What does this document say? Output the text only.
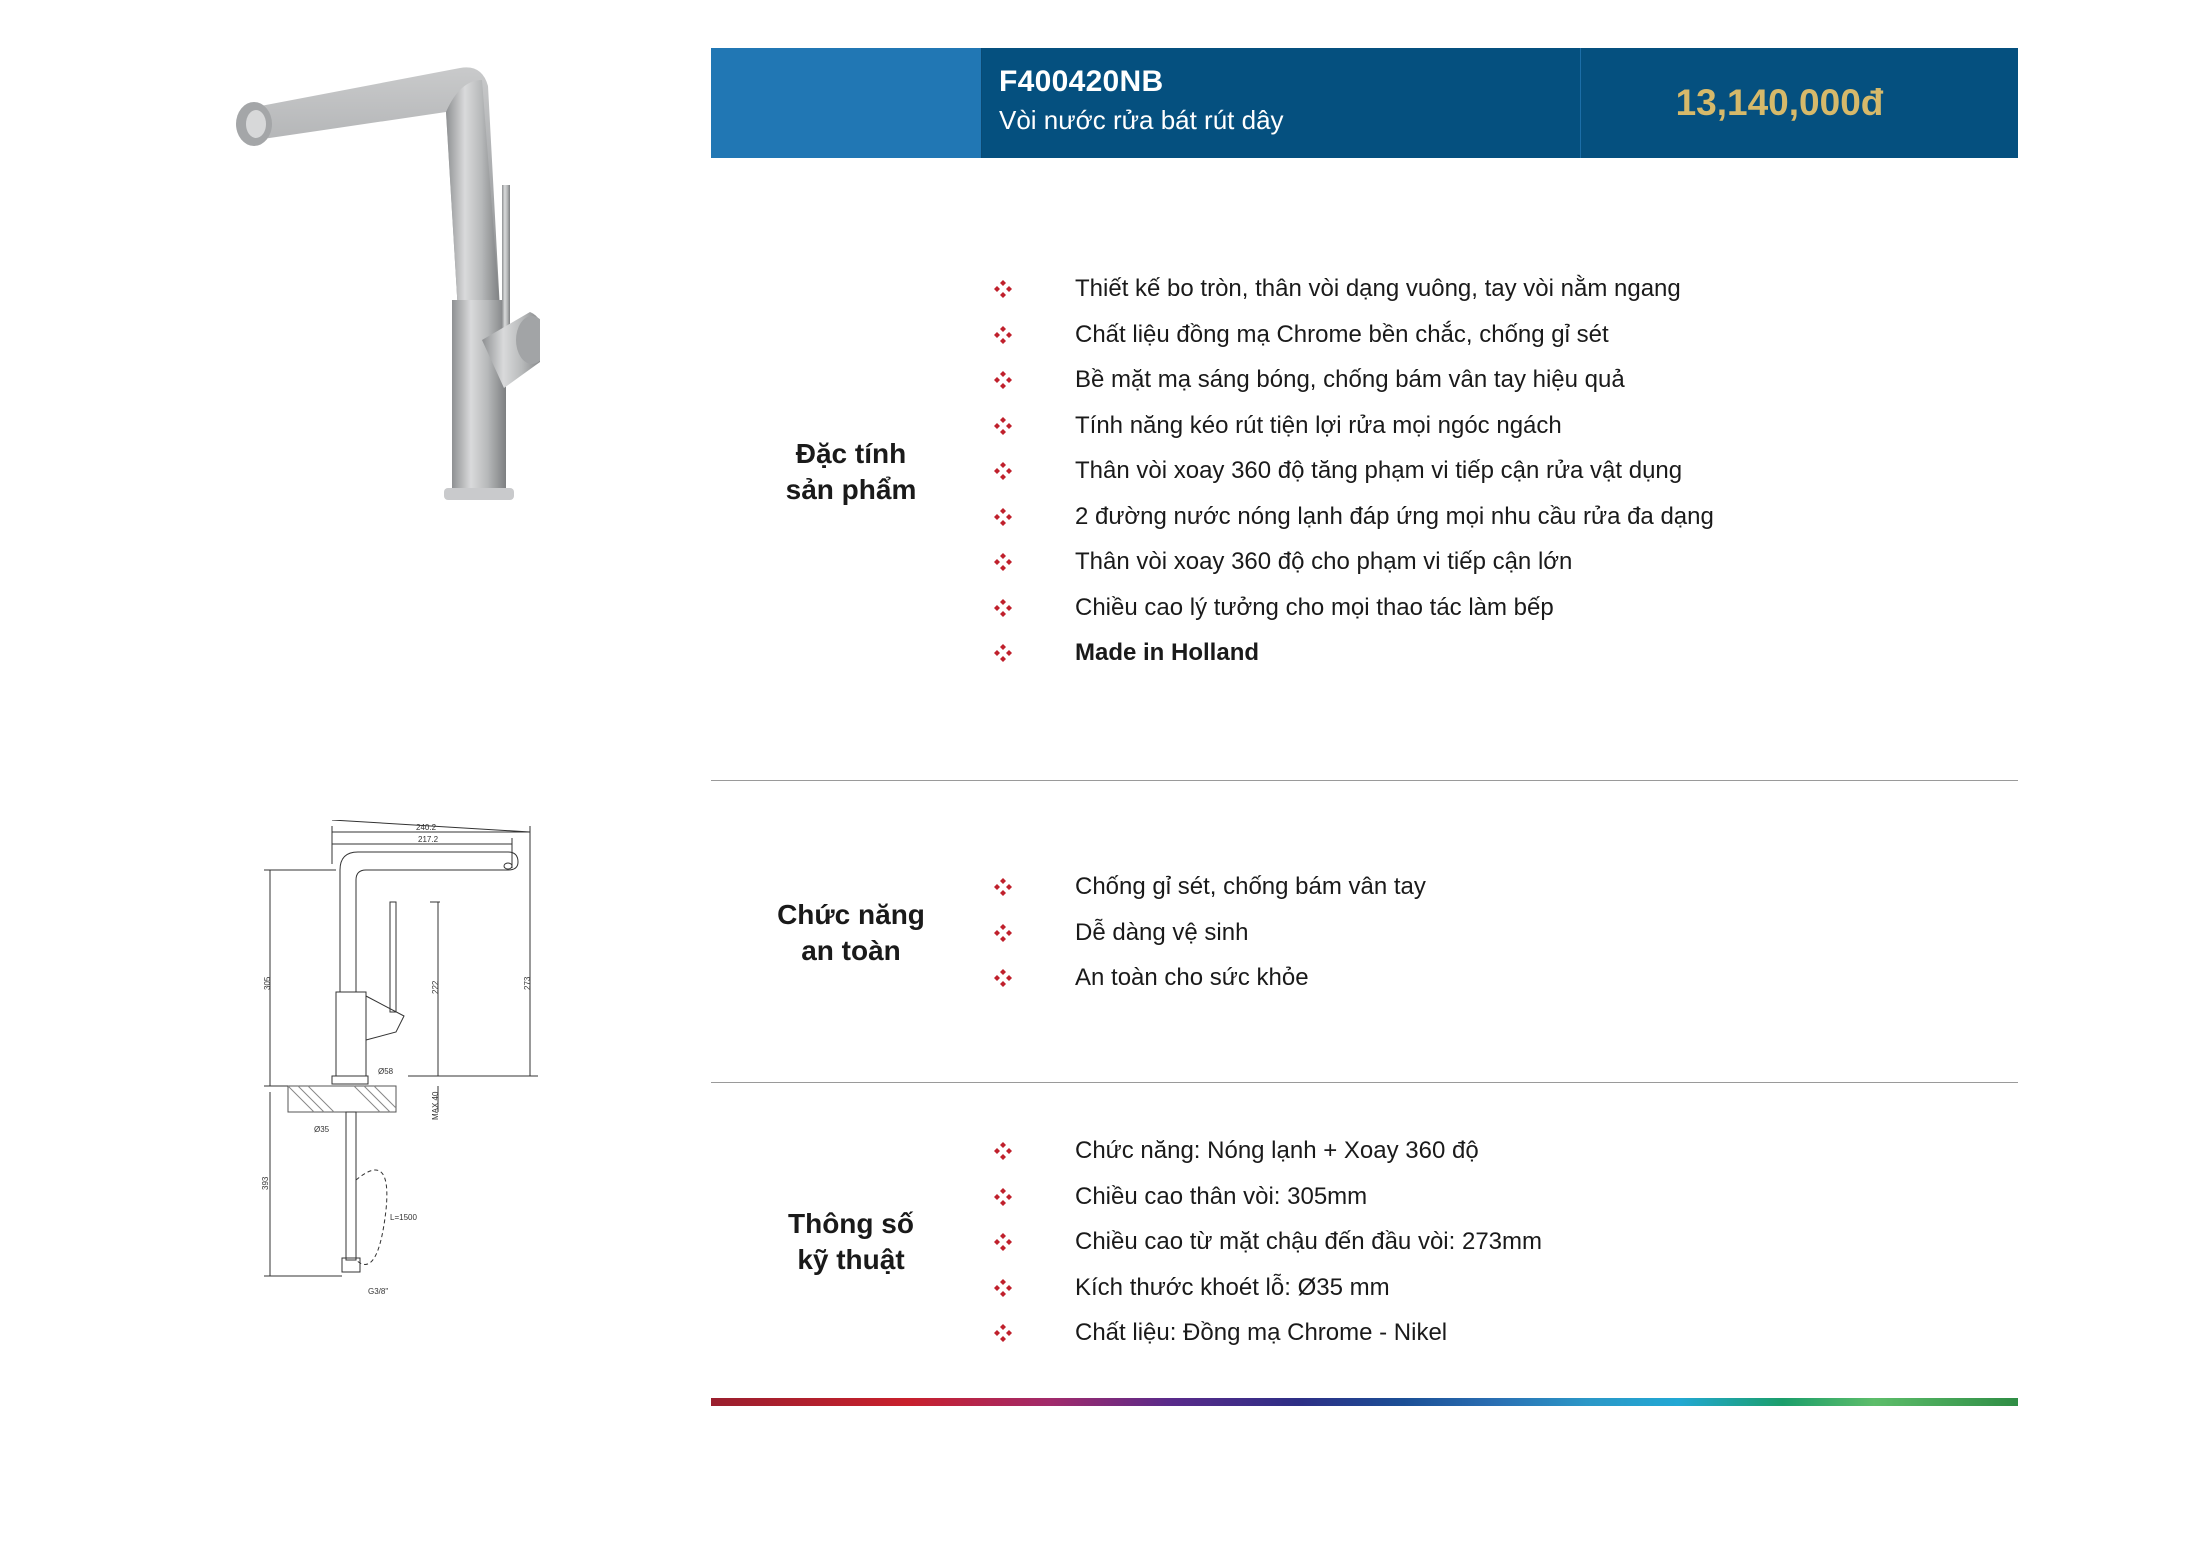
240.2
217.2
305	273
222
Ø58
Ø35
MAX 40
L=1500
393
G3/8"
F400420NB
Vòi nước rửa bát rút dây	13,140,000đ
Đặc tính
sản phẩm
Thiết kế bo tròn, thân vòi dạng vuông, tay vòi nằm ngang
Chất liệu đồng mạ Chrome bền chắc, chống gỉ sét
Bề mặt mạ sáng bóng, chống bám vân tay hiệu quả
Tính năng kéo rút tiện lợi rửa mọi ngóc ngách
Thân vòi xoay 360 độ tăng phạm vi tiếp cận rửa vật dụng
2 đường nước nóng lạnh đáp ứng mọi nhu cầu rửa đa dạng
Thân vòi xoay 360 độ cho phạm vi tiếp cận lớn
Chiều cao lý tưởng cho mọi thao tác làm bếp
Made in Holland
Chức năng
an toàn
Chống gỉ sét, chống bám vân tay
Dễ dàng vệ sinh
An toàn cho sức khỏe
Thông số
kỹ thuật
Chức năng: Nóng lạnh + Xoay 360 độ
Chiều cao thân vòi: 305mm
Chiều cao từ mặt chậu đến đầu vòi: 273mm
Kích thước khoét lỗ: Ø35 mm
Chất liệu: Đồng mạ Chrome - Nikel
